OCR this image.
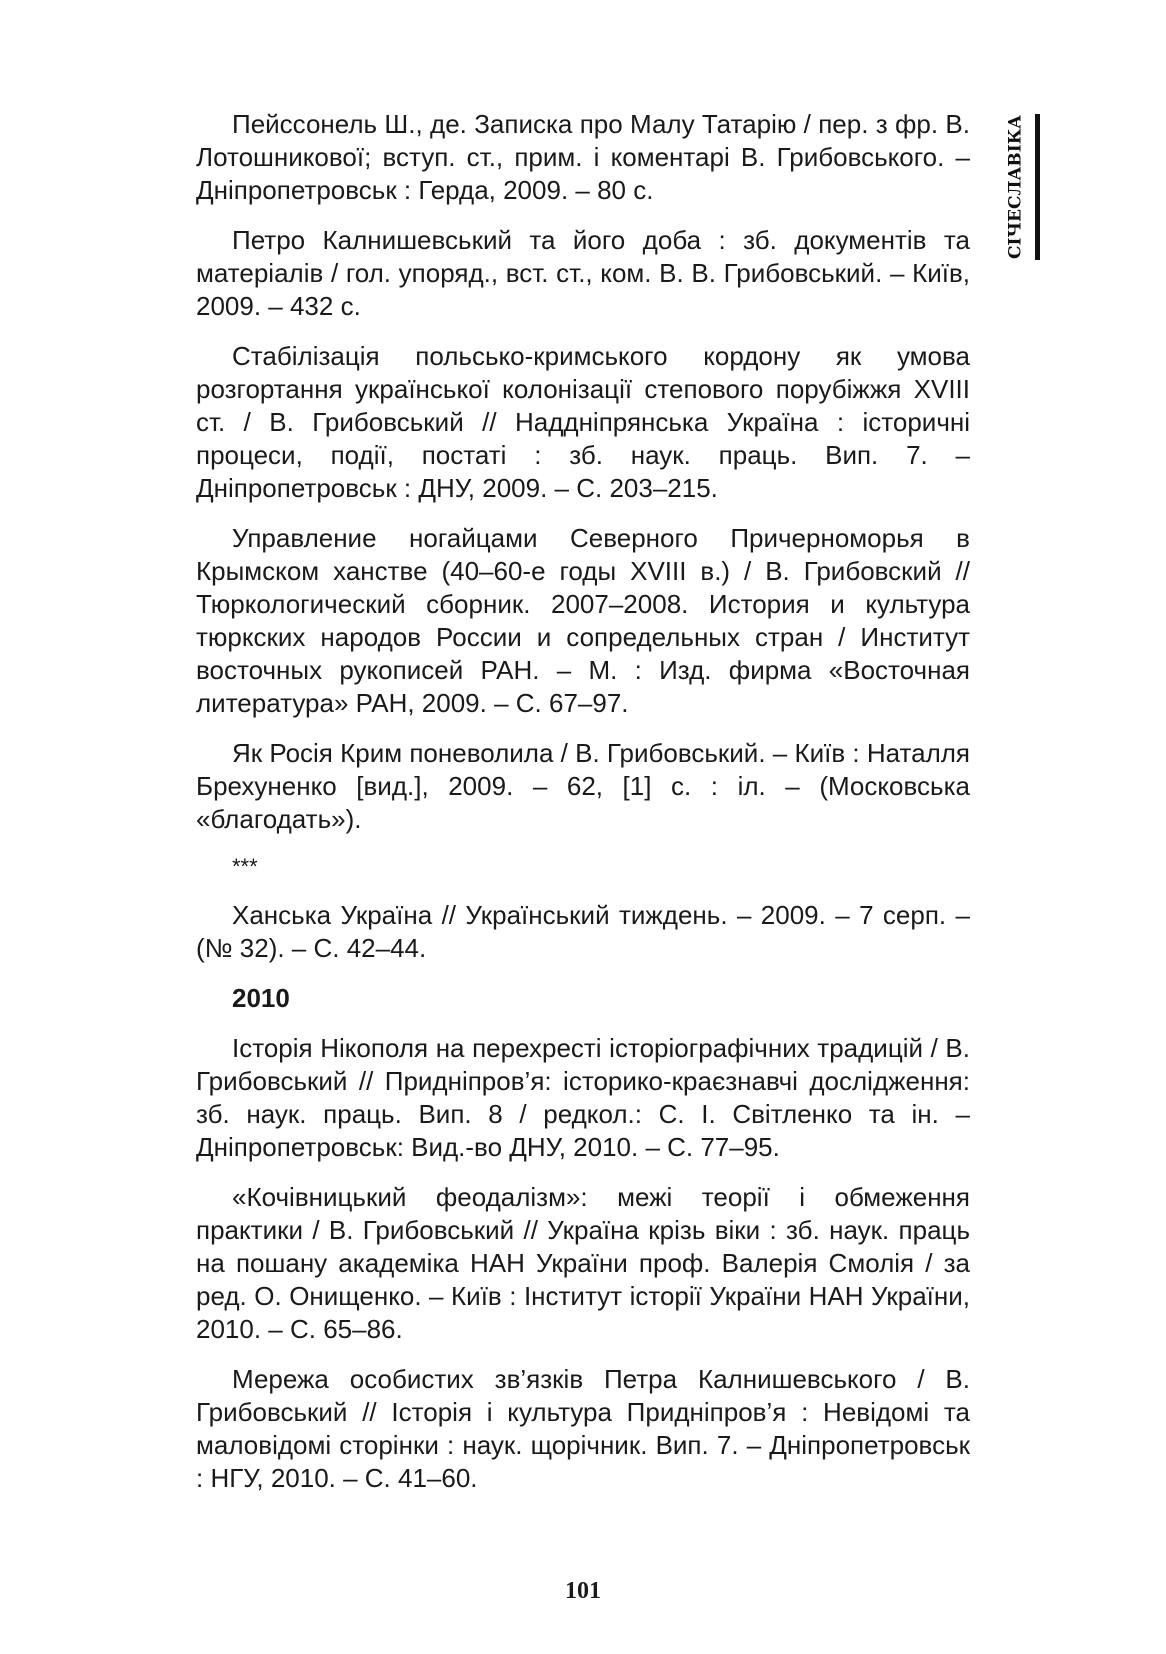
Пейссонель Ш., де. Записка про Малу Татарію / пер. з фр. В. Лотошникової; вступ. ст., прим. і коментарі В. Грибовського. – Дніпропетровськ : Герда, 2009. – 80 с.

Петро Калнишевський та його доба : зб. документів та матеріалів / гол. упоряд., вст. ст., ком. В. В. Грибовський. – Київ, 2009. – 432 с.

Стабілізація польсько-кримського кордону як умова розгортання української колонізації степового порубіжжя XVIII ст. / В. Грибовський // Наддніпрянська Україна : історичні процеси, події, постаті : зб. наук. праць. Вип. 7. – Дніпропетровськ : ДНУ, 2009. – С. 203–215.

Управление ногайцами Северного Причерноморья в Крымском ханстве (40–60-е годы XVIII в.) / В. Грибовский // Тюркологический сборник. 2007–2008. История и культура тюркских народов России и сопредельных стран / Институт восточных рукописей РАН. – М. : Изд. фирма «Восточная литература» РАН, 2009. – С. 67–97.

Як Росія Крим поневолила / В. Грибовський. – Київ : Наталля Брехуненко [вид.], 2009. – 62, [1] с. : іл. – (Московська «благодать»).

***

Ханська Україна // Український тиждень. – 2009. – 7 серп. – (№ 32). – С. 42–44.

2010

Історія Нікополя на перехресті історіографічних традицій / В. Грибовський // Придніпров’я: історико-краєзнавчі дослідження: зб. наук. праць. Вип. 8 / редкол.: С. І. Світленко та ін. –Дніпропетровськ: Вид.-во ДНУ, 2010. – С. 77–95.

«Кочівницький феодалізм»: межі теорії і обмеження практики / В. Грибовський // Україна крізь віки : зб. наук. праць на пошану академіка НАН України проф. Валерія Смолія / за ред. О. Онищенко. – Київ : Інститут історії України НАН України, 2010. – С. 65–86.

Мережа особистих зв’язків Петра Калнишевського / В. Грибовський // Історія і культура Придніпров’я : Невідомі та маловідомі сторінки : наук. щорічник. Вип. 7. – Дніпропетровськ : НГУ, 2010. – С. 41–60.

СІЧЕСЛАВІКА
101
